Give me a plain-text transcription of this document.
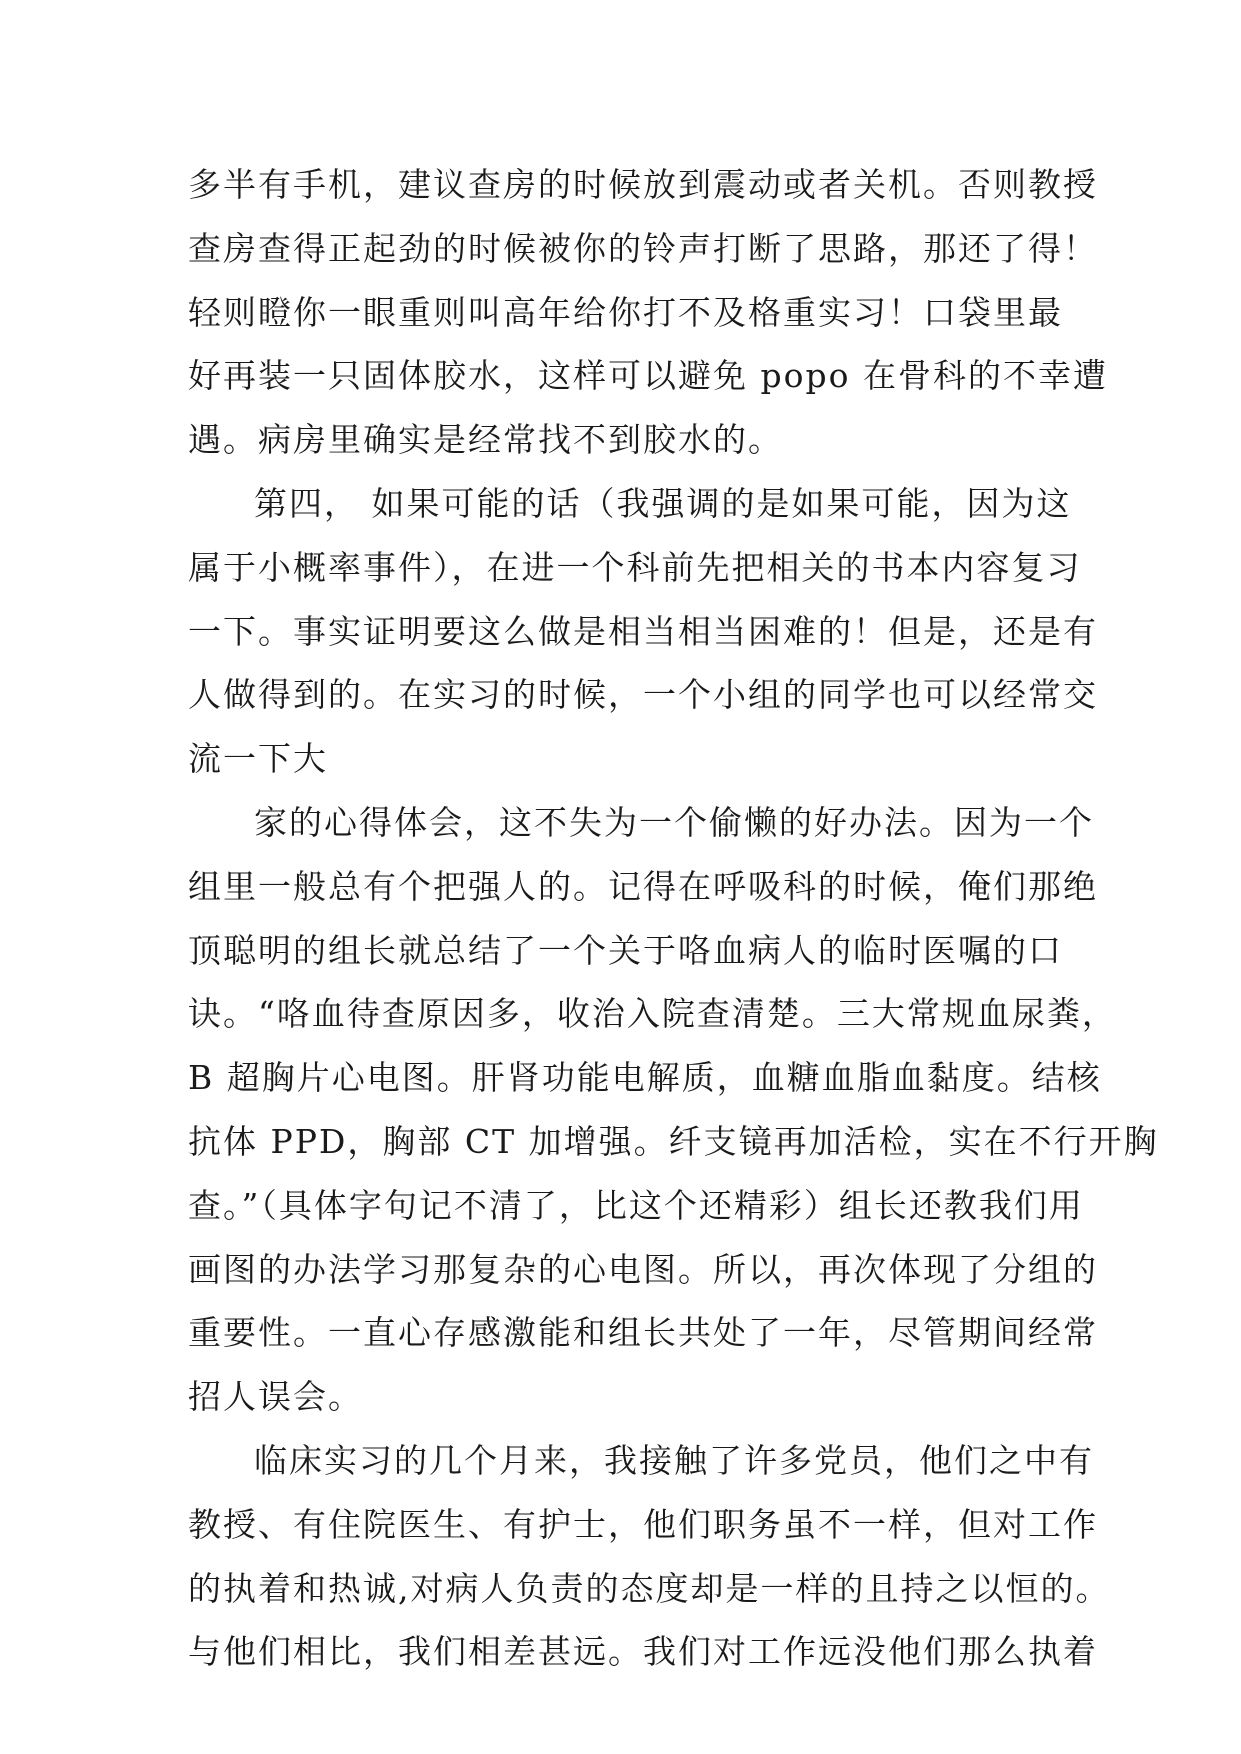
多半有手机，建议查房的时候放到震动或者关机。否则教授
查房查得正起劲的时候被你的铃声打断了思路，那还了得！
轻则瞪你一眼重则叫高年给你打不及格重实习！口袋里最
好再装一只固体胶水，这样可以避免 popo 在骨科的不幸遭
遇。病房里确实是经常找不到胶水的。
第四， 如果可能的话（我强调的是如果可能，因为这
属于小概率事件），在进一个科前先把相关的书本内容复习
一下。事实证明要这么做是相当相当困难的！但是，还是有
人做得到的。在实习的时候，一个小组的同学也可以经常交
流一下大
家的心得体会，这不失为一个偷懒的好办法。因为一个
组里一般总有个把强人的。记得在呼吸科的时候，俺们那绝
顶聪明的组长就总结了一个关于咯血病人的临时医嘱的口
诀。“咯血待查原因多，收治入院查清楚。三大常规血尿粪，
B 超胸片心电图。肝肾功能电解质，血糖血脂血黏度。结核
抗体 PPD，胸部 CT 加增强。纤支镜再加活检，实在不行开胸
查。”（具体字句记不清了，比这个还精彩）组长还教我们用
画图的办法学习那复杂的心电图。所以，再次体现了分组的
重要性。一直心存感激能和组长共处了一年，尽管期间经常
招人误会。
临床实习的几个月来，我接触了许多党员，他们之中有
教授、有住院医生、有护士，他们职务虽不一样，但对工作
的执着和热诚,对病人负责的态度却是一样的且持之以恒的。
与他们相比，我们相差甚远。我们对工作远没他们那么执着
